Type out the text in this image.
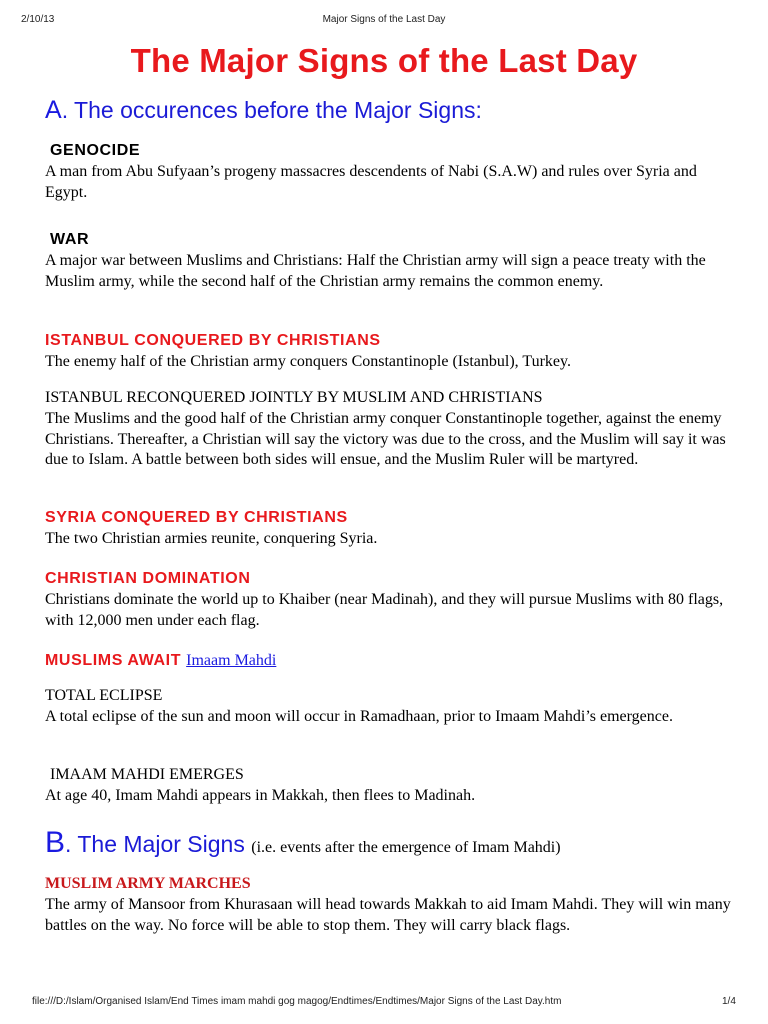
2/10/13	Major Signs of the Last Day
The Major Signs of the Last Day
A. The occurences before the Major Signs:
GENOCIDE
A man from Abu Sufyaan’s progeny massacres descendents of Nabi (S.A.W) and rules over Syria and Egypt.
WAR
A major war between Muslims and Christians: Half the Christian army will sign a peace treaty with the Muslim army, while the second half of the Christian army remains the common enemy.
ISTANBUL CONQUERED BY CHRISTIANS
The enemy half of the Christian army conquers Constantinople (Istanbul), Turkey.
ISTANBUL RECONQUERED JOINTLY BY MUSLIM AND CHRISTIANS
The Muslims and the good half of the Christian army conquer Constantinople together, against the enemy Christians. Thereafter, a Christian will say the victory was due to the cross, and the Muslim will say it was due to Islam. A battle between both sides will ensue, and the Muslim Ruler will be martyred.
SYRIA CONQUERED BY CHRISTIANS
The two Christian armies reunite, conquering Syria.
CHRISTIAN DOMINATION
Christians dominate the world up to Khaiber (near Madinah), and they will pursue Muslims with 80 flags, with 12,000 men under each flag.
MUSLIMS AWAIT Imaam Mahdi
TOTAL ECLIPSE
A total eclipse of the sun and moon will occur in Ramadhaan, prior to Imaam Mahdi’s emergence.
IMAAM MAHDI EMERGES
At age 40, Imam Mahdi appears in Makkah, then flees to Madinah.
B. The Major Signs (i.e. events after the emergence of Imam Mahdi)
MUSLIM ARMY MARCHES
The army of Mansoor from Khurasaan will head towards Makkah to aid Imam Mahdi. They will win many battles on the way. No force will be able to stop them. They will carry black flags.
file:///D:/Islam/Organised Islam/End Times imam mahdi gog magog/Endtimes/Endtimes/Major Signs of the Last Day.htm	1/4
